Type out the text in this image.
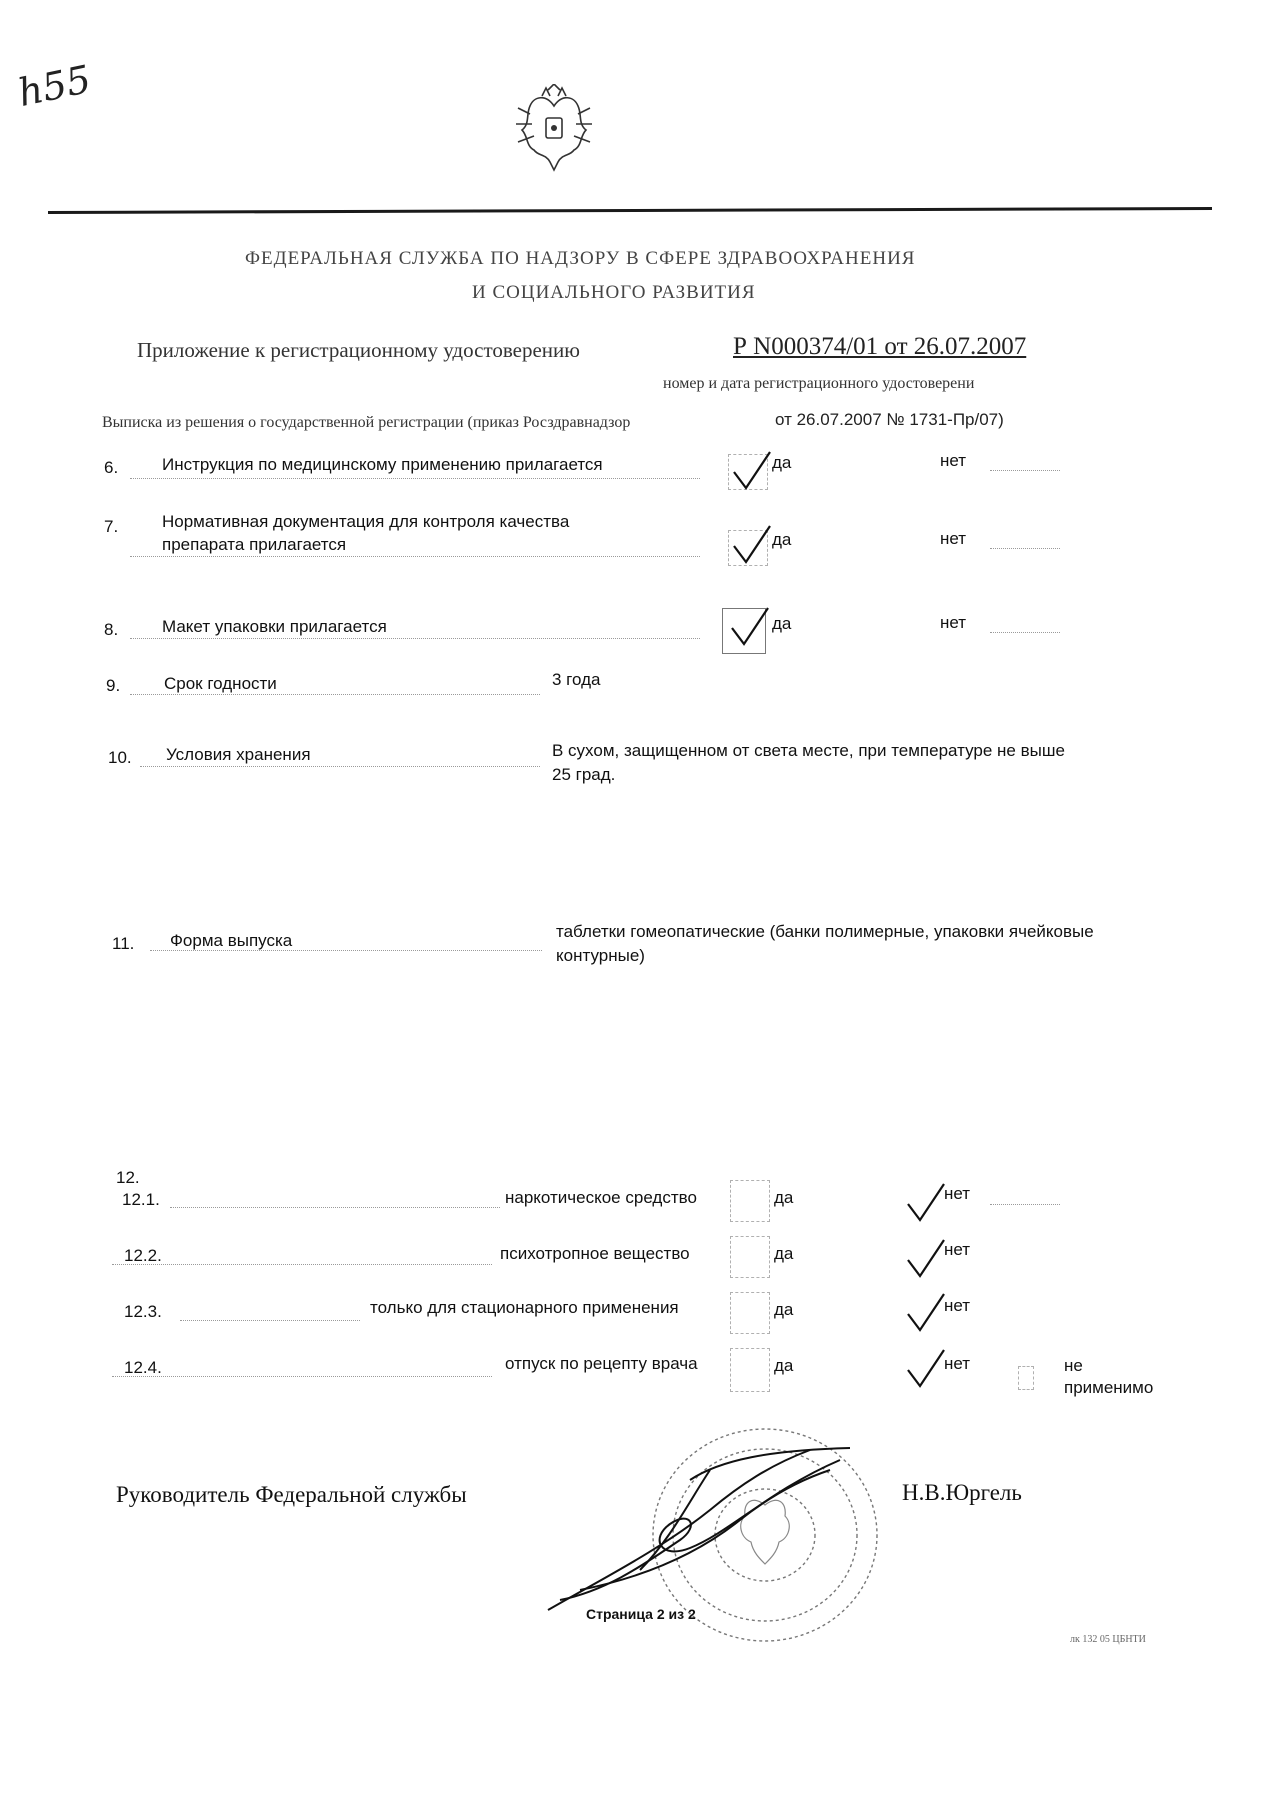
h55
ФЕДЕРАЛЬНАЯ СЛУЖБА ПО НАДЗОРУ В СФЕРЕ ЗДРАВООХРАНЕНИЯ
И СОЦИАЛЬНОГО РАЗВИТИЯ
Приложение к регистрационному удостоверению	Р N000374/01 от 26.07.2007
номер и дата регистрационного удостоверени
Выписка из решения о государственной регистрации (приказ Росздравнадзор	от 26.07.2007 № 1731-Пр/07)
6.	Инструкция по медицинскому применению прилагается	да	нет
7.	Нормативная документация для контроля качества
препарата прилагается	да	нет
8.	Макет упаковки прилагается	да	нет
9.	Срок годности	3 года
10. Условия хранения	В сухом, защищенном от света месте, при температуре не выше
25 град.
11. Форма выпуска	таблетки гомеопатические (банки полимерные, упаковки ячейковые
контурные)
12.
12.1.	наркотическое средство	да	нет
12.2.	психотропное вещество	да	нет
12.3.	только для стационарного применения	да	нет
12.4.	отпуск по рецепту врача	да	нет	не
применимо
Руководитель Федеральной службы	Н.В.Юргель
Страница 2 из 2
лк 132 05 ЦБНТИ
